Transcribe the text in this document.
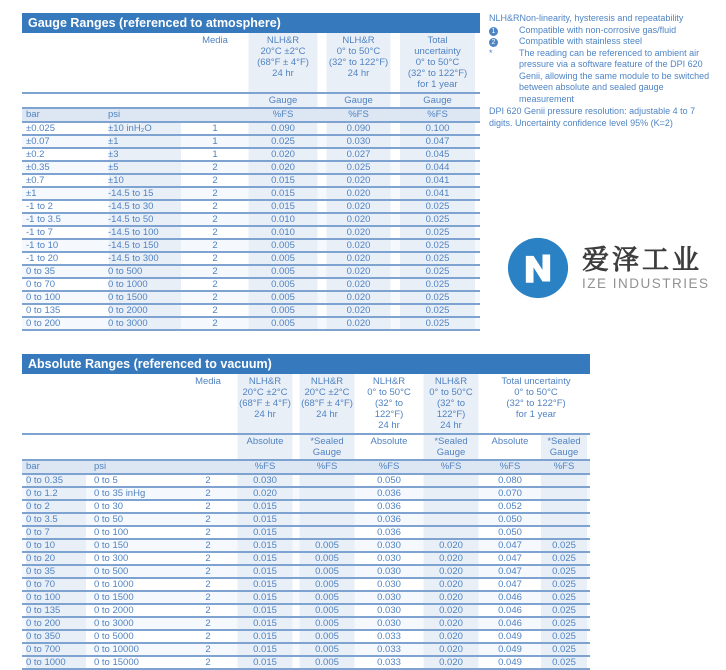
Gauge Ranges (referenced to atmosphere)
		Media	NLH&R
20°C ±2°C
(68°F ± 4°F)
24 hr	NLH&R
0° to 50°C
(32° to 122°F)
24 hr	Total
uncertainty
0° to 50°C
(32° to 122°F)
for 1 year
			Gauge	Gauge	Gauge
bar	psi		%FS	%FS	%FS
±0.025	±10 inH₂O	1	0.090	0.090	0.100
±0.07	±1	1	0.025	0.030	0.047
±0.2	±3	1	0.020	0.027	0.045
±0.35	±5	2	0.020	0.025	0.044
±0.7	±10	2	0.015	0.020	0.041
±1	-14.5 to 15	2	0.015	0.020	0.041
-1 to 2	-14.5 to 30	2	0.015	0.020	0.025
-1 to 3.5	-14.5 to 50	2	0.010	0.020	0.025
-1 to 7	-14.5 to 100	2	0.010	0.020	0.025
-1 to 10	-14.5 to 150	2	0.005	0.020	0.025
-1 to 20	-14.5 to 300	2	0.005	0.020	0.025
0 to 35	0 to 500	2	0.005	0.020	0.025
0 to 70	0 to 1000	2	0.005	0.020	0.025
0 to 100	0 to 1500	2	0.005	0.020	0.025
0 to 135	0 to 2000	2	0.005	0.020	0.025
0 to 200	0 to 3000	2	0.005	0.020	0.025
NLH&R Non-linearity, hysteresis and repeatability
1	Compatible with non-corrosive gas/fluid
2	Compatible with stainless steel
*	The reading can be referenced to ambient air pressure via a software feature of the DPI 620 Genii, allowing the same module to be switched between absolute and sealed gauge measurement
DPI 620 Genii pressure resolution: adjustable 4 to 7 digits. Uncertainty confidence level 95% (K=2)
爱泽工业
IZE INDUSTRIES
Absolute Ranges (referenced to vacuum)
		Media	NLH&R
20°C ±2°C
(68°F ± 4°F)
24 hr	NLH&R
20°C ±2°C
(68°F ± 4°F)
24 hr	NLH&R
0° to 50°C
(32° to 122°F)
24 hr	NLH&R
0° to 50°C
(32° to 122°F)
24 hr	Total uncertainty
0° to 50°C
(32° to 122°F)
for 1 year	
			Absolute	*Sealed
Gauge	Absolute	*Sealed
Gauge	Absolute	*Sealed
Gauge
bar	psi		%FS	%FS	%FS	%FS	%FS	%FS
0 to 0.35	0 to 5	2	0.030		0.050		0.080	
0 to 1.2	0 to 35 inHg	2	0.020		0.036		0.070	
0 to 2	0 to 30	2	0.015		0.036		0.052	
0 to 3.5	0 to 50	2	0.015		0.036		0.050	
0 to 7	0 to 100	2	0.015		0.036		0.050	
0 to 10	0 to 150	2	0.015	0.005	0.030	0.020	0.047	0.025
0 to 20	0 to 300	2	0.015	0.005	0.030	0.020	0.047	0.025
0 to 35	0 to 500	2	0.015	0.005	0.030	0.020	0.047	0.025
0 to 70	0 to 1000	2	0.015	0.005	0.030	0.020	0.047	0.025
0 to 100	0 to 1500	2	0.015	0.005	0.030	0.020	0.046	0.025
0 to 135	0 to 2000	2	0.015	0.005	0.030	0.020	0.046	0.025
0 to 200	0 to 3000	2	0.015	0.005	0.030	0.020	0.046	0.025
0 to 350	0 to 5000	2	0.015	0.005	0.033	0.020	0.049	0.025
0 to 700	0 to 10000	2	0.015	0.005	0.033	0.020	0.049	0.025
0 to 1000	0 to 15000	2	0.015	0.005	0.033	0.020	0.049	0.025
